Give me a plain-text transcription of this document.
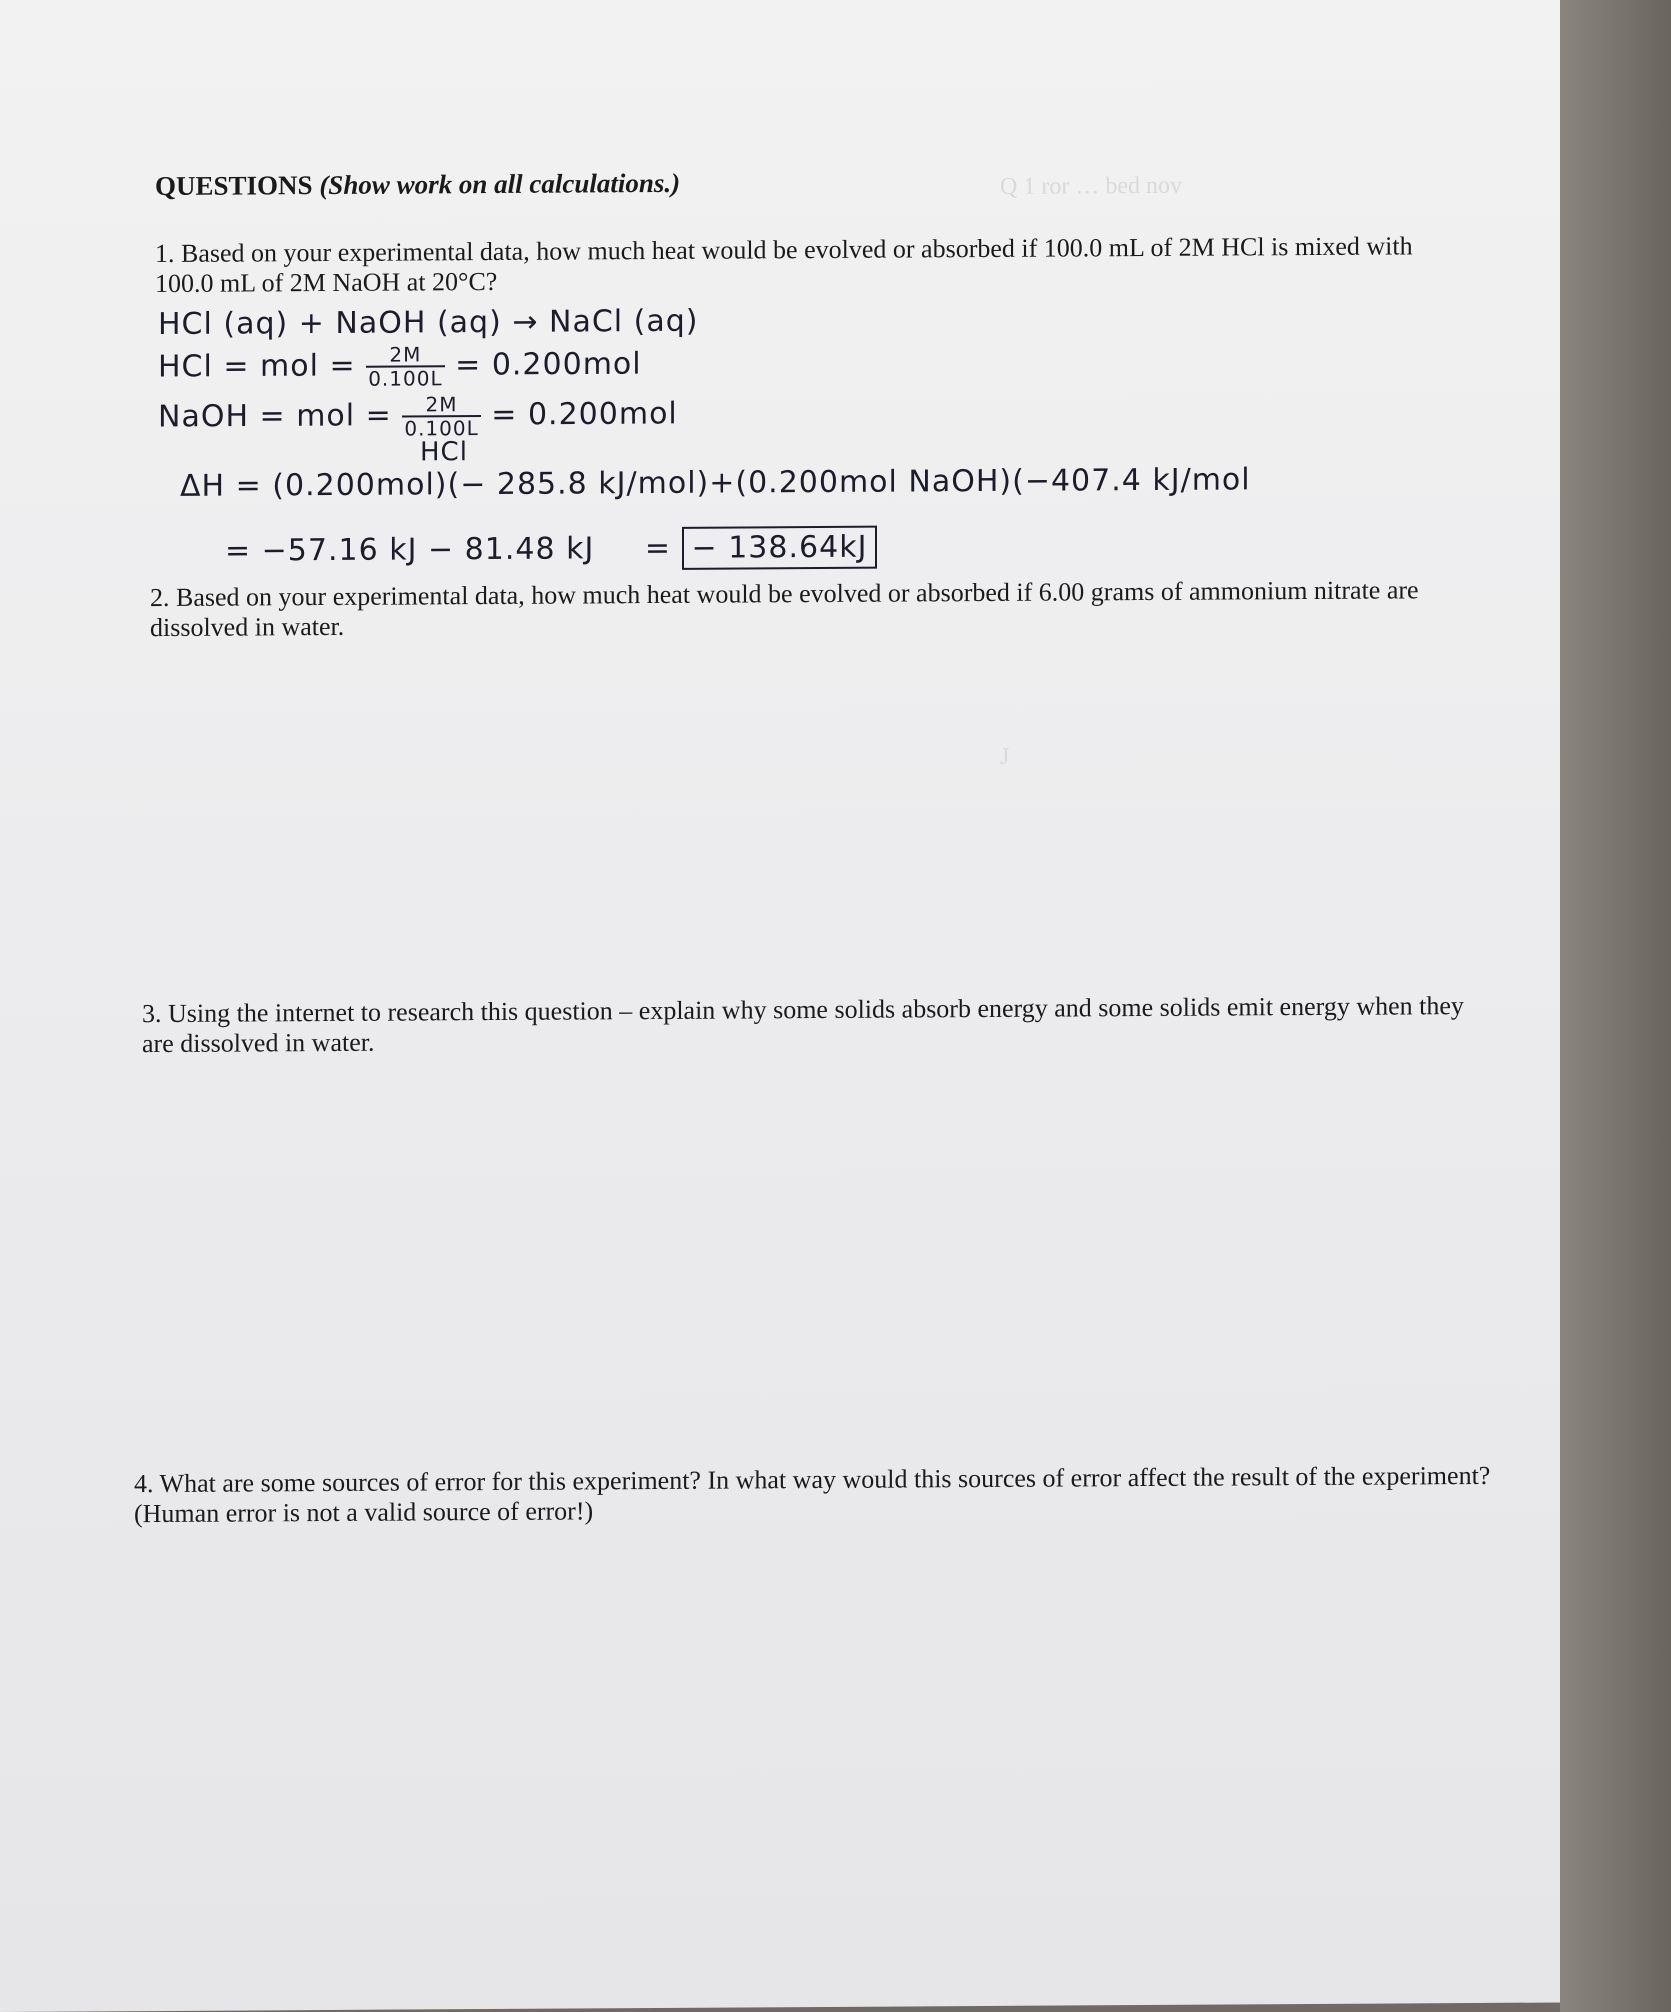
Q 1 ror … bed nov
J
QUESTIONS (Show work on all calculations.)
1. Based on your experimental data, how much heat would be evolved or absorbed if 100.0 mL of 2M HCl is mixed with 100.0 mL of 2M NaOH at 20°C?
HCl (aq) + NaOH (aq) → NaCl (aq)
HCl = mol = $\frac{2M}{0.100L} = 0.200mol$
NaOH = mol = $\frac{2M}{0.100L} = 0.200mol$
HCl
ΔH = (0.200mol)(− 285.8 kJ/mol)+(0.200mol NaOH)(−407.4 kJ/mol
= −57.16 kJ − 81.48 kJ = − 138.64kJ
2. Based on your experimental data, how much heat would be evolved or absorbed if 6.00 grams of ammonium nitrate are dissolved in water.
3. Using the internet to research this question – explain why some solids absorb energy and some solids emit energy when they are dissolved in water.
4. What are some sources of error for this experiment? In what way would this sources of error affect the result of the experiment? (Human error is not a valid source of error!)
